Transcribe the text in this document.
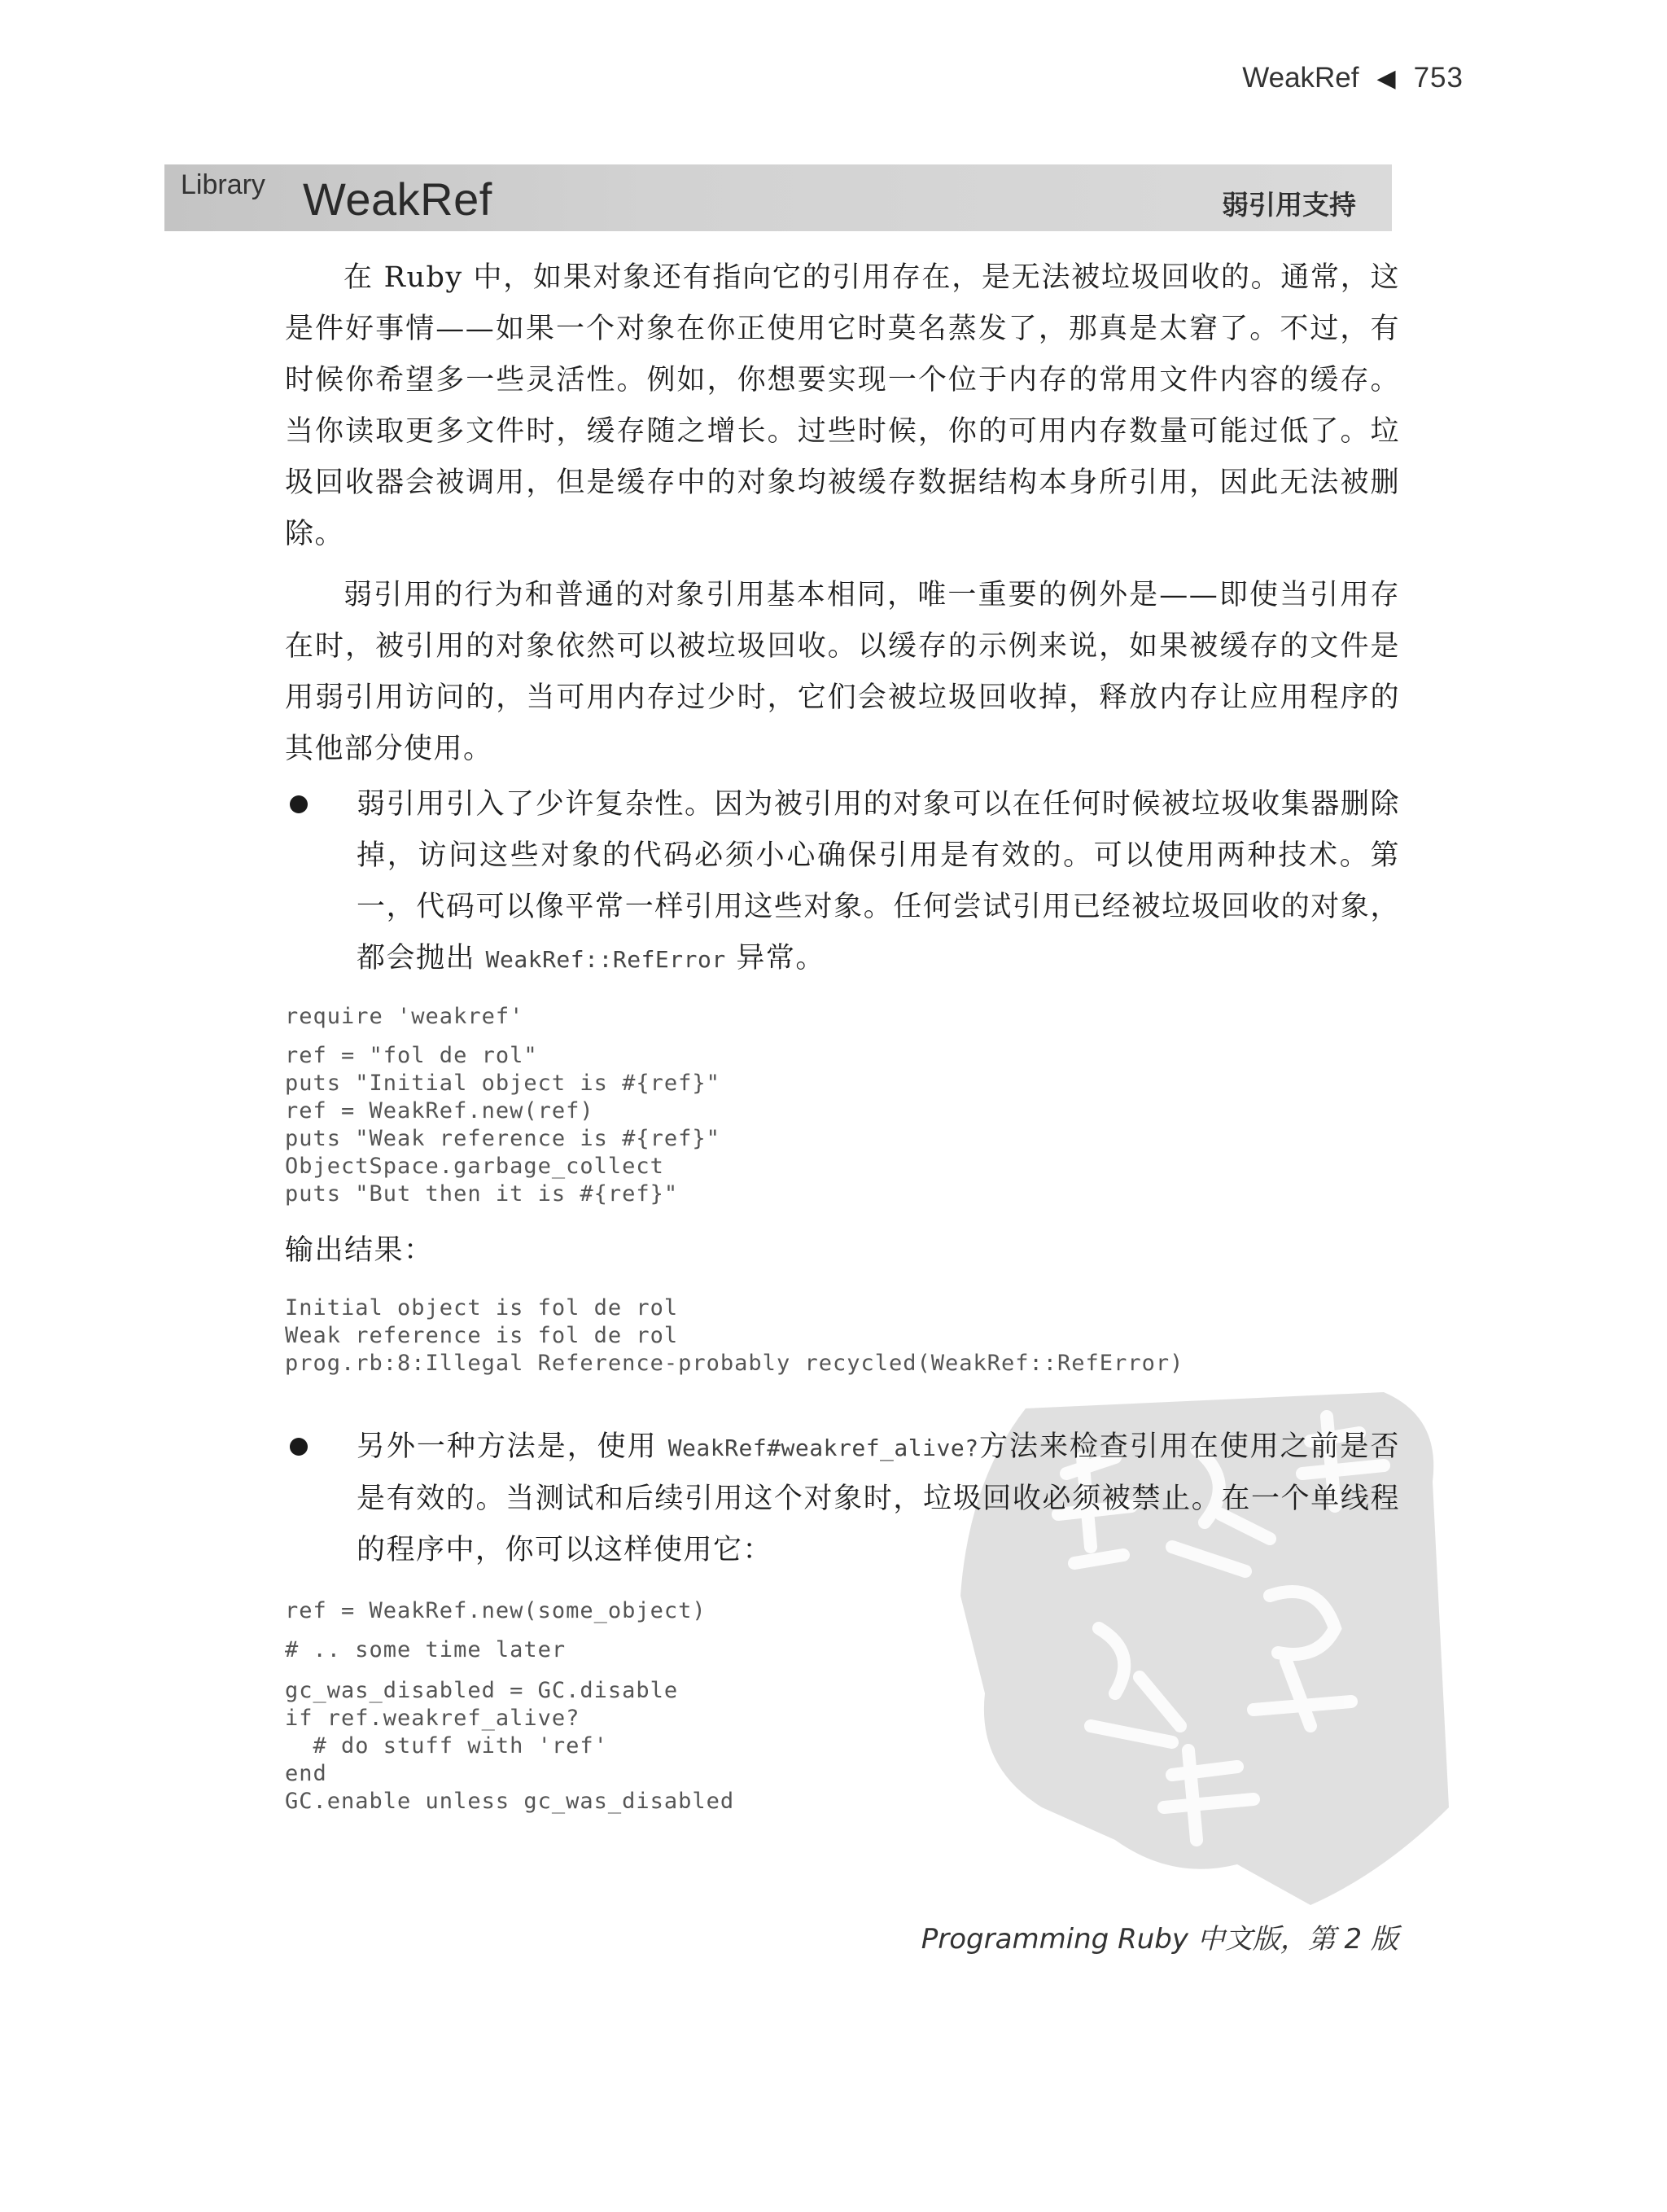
WeakRef ◀ 753
Library WeakRef	弱引用支持

在 Ruby 中，如果对象还有指向它的引用存在，是无法被垃圾回收的。通常，这是件好事情——如果一个对象在你正使用它时莫名蒸发了，那真是太窘了。不过，有时候你希望多一些灵活性。例如，你想要实现一个位于内存的常用文件内容的缓存。当你读取更多文件时，缓存随之增长。过些时候，你的可用内存数量可能过低了。垃圾回收器会被调用，但是缓存中的对象均被缓存数据结构本身所引用，因此无法被删除。

弱引用的行为和普通的对象引用基本相同，唯一重要的例外是——即使当引用存在时，被引用的对象依然可以被垃圾回收。以缓存的示例来说，如果被缓存的文件是用弱引用访问的，当可用内存过少时，它们会被垃圾回收掉，释放内存让应用程序的其他部分使用。

弱引用引入了少许复杂性。因为被引用的对象可以在任何时候被垃圾收集器删除掉，访问这些对象的代码必须小心确保引用是有效的。可以使用两种技术。第一，代码可以像平常一样引用这些对象。任何尝试引用已经被垃圾回收的对象，都会抛出 WeakRef::RefError 异常。

require 'weakref'
ref = "fol de rol"
puts "Initial object is #{ref}"
ref = WeakRef.new(ref)
puts "Weak reference is #{ref}"
ObjectSpace.garbage_collect
puts "But then it is #{ref}"
输出结果：
Initial object is fol de rol
Weak reference is fol de rol
prog.rb:8:Illegal Reference-probably recycled(WeakRef::RefError)

另外一种方法是，使用 WeakRef#weakref_alive?方法来检查引用在使用之前是否是有效的。当测试和后续引用这个对象时，垃圾回收必须被禁止。在一个单线程的程序中，你可以这样使用它：

ref = WeakRef.new(some_object)
# .. some time later
gc_was_disabled = GC.disable
if ref.weakref_alive?
# do stuff with 'ref'
end
GC.enable unless gc_was_disabled
Programming Ruby 中文版，第 2 版
